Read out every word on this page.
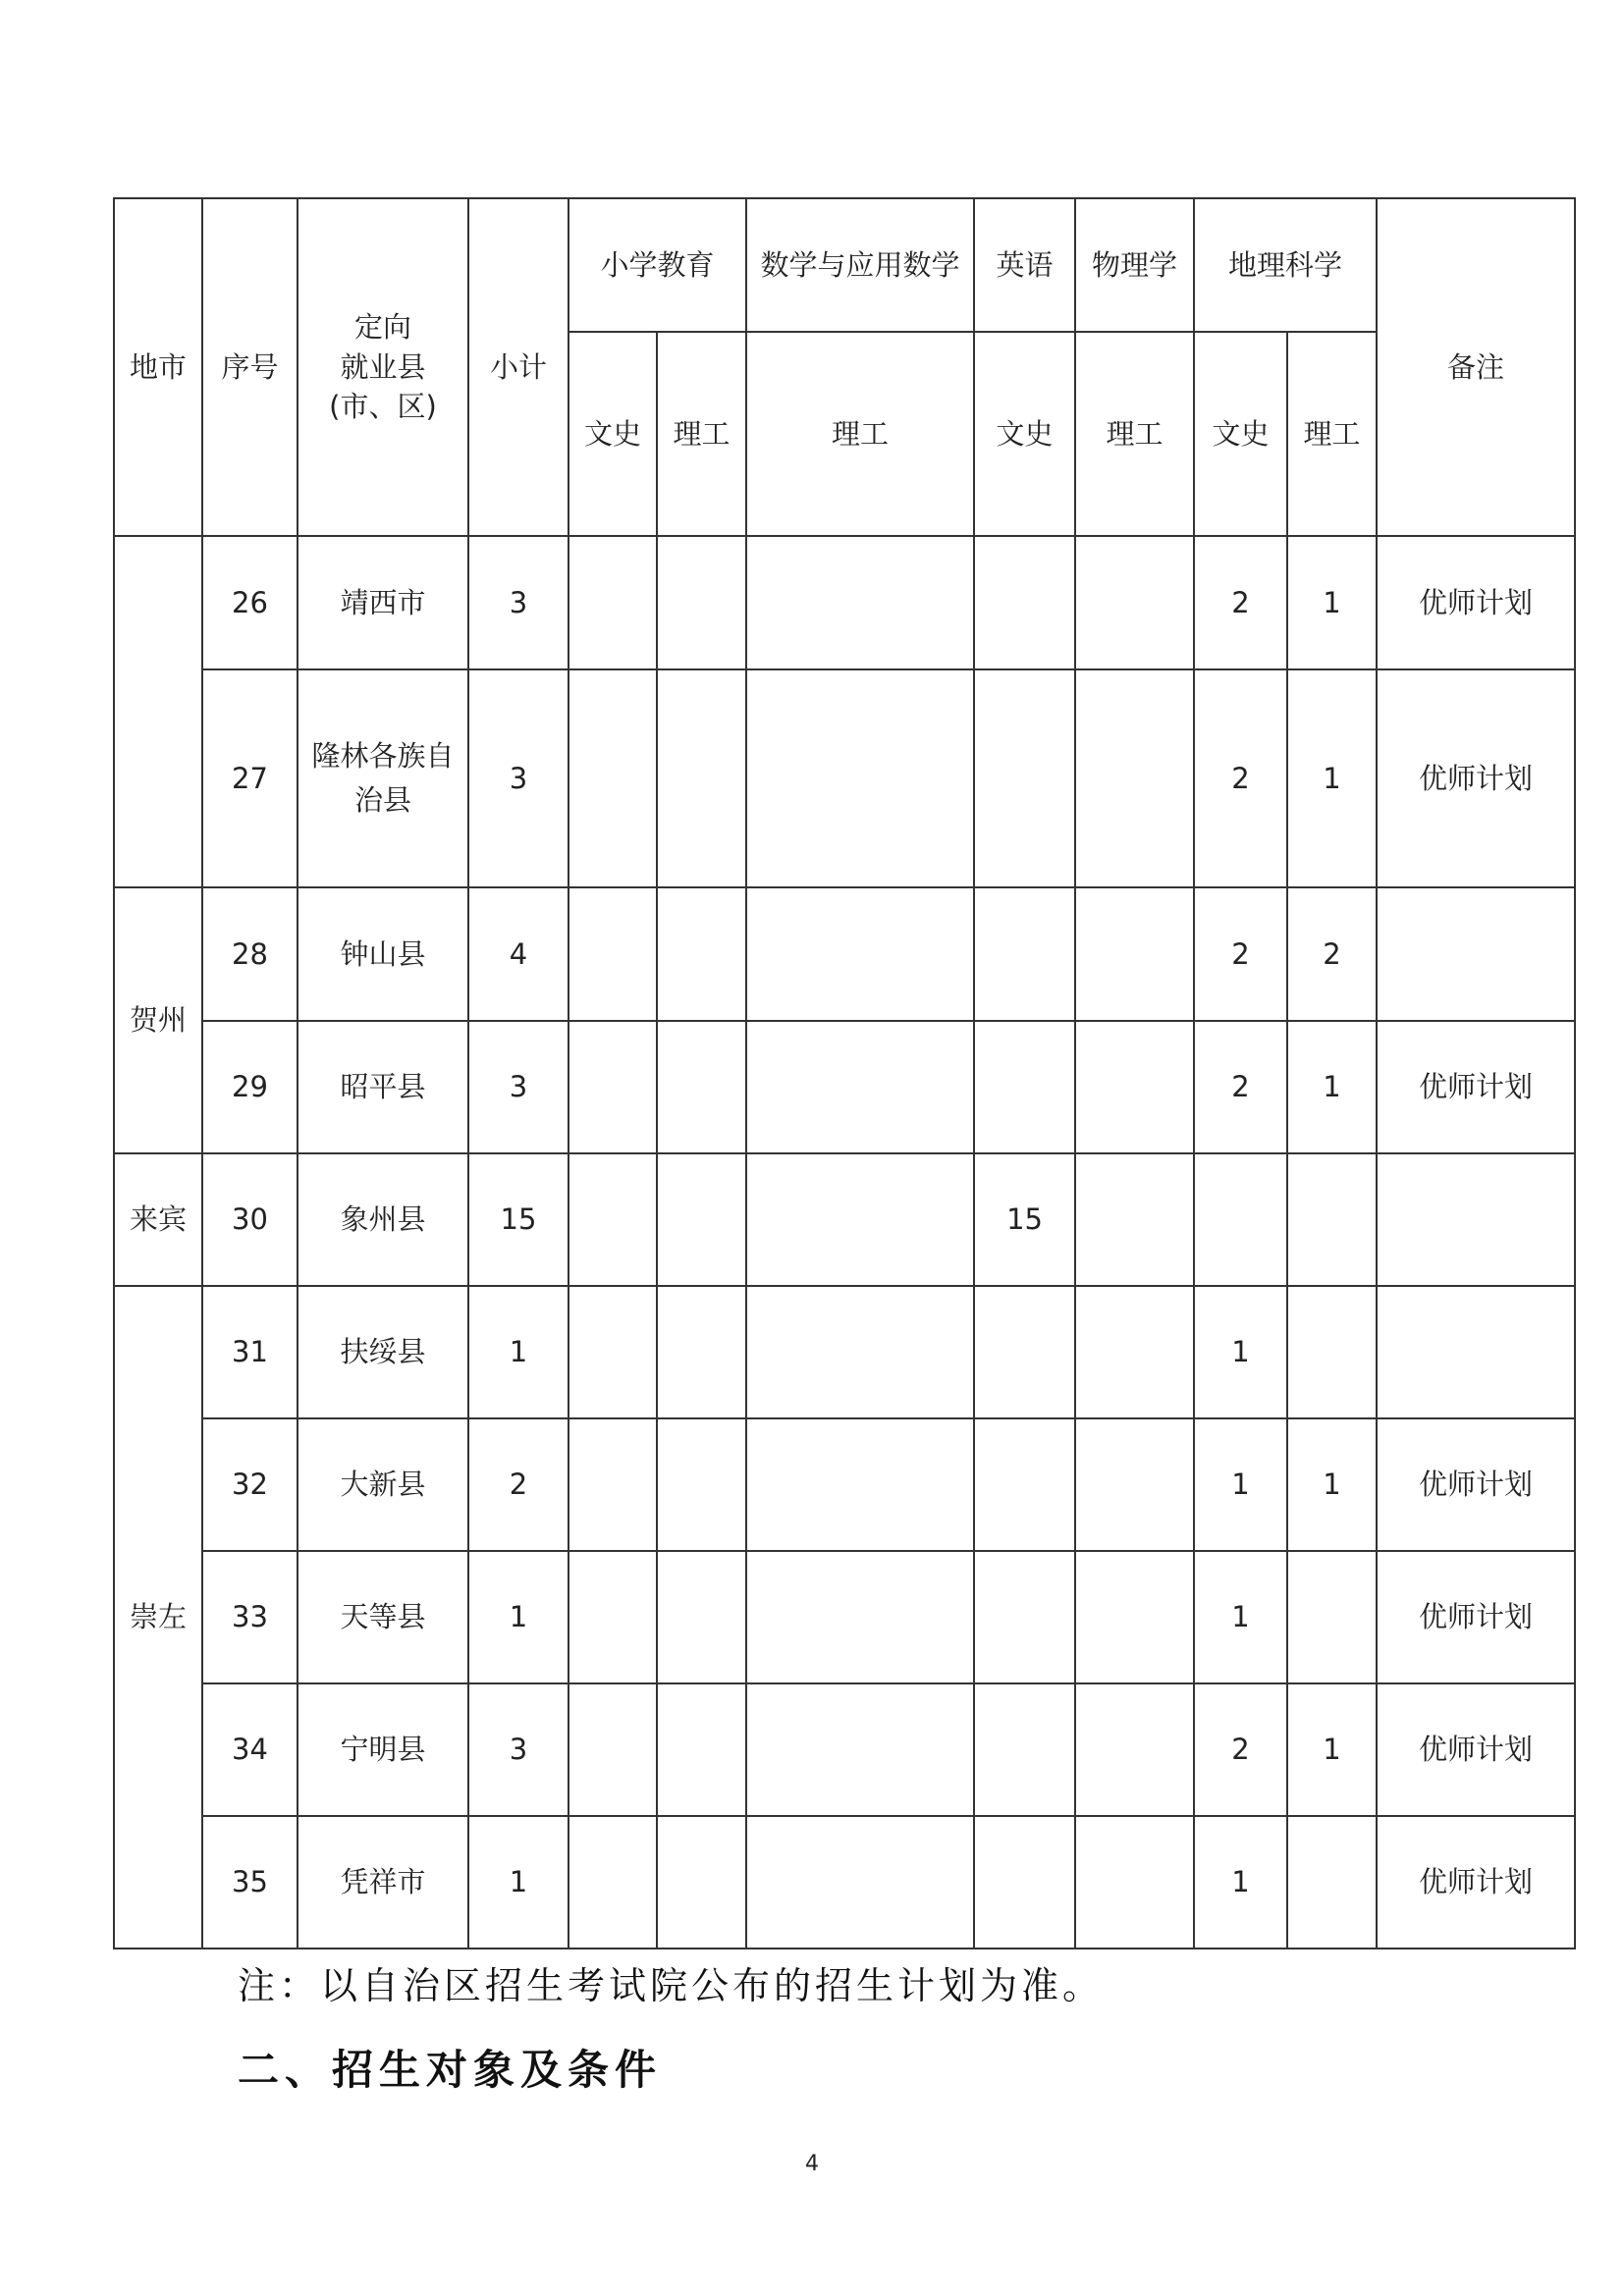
地市	序号	定向
就业县
(市、区)	小计	小学教育		数学与应用数学	英语	物理学	地理科学		备注
				文史	理工	理工	文史	理工	文史	理工	
	26	靖西市	3						2	1	优师计划
	27	隆林各族自治县	3						2	1	优师计划
贺州	28	钟山县	4						2	2	
	29	昭平县	3						2	1	优师计划
来宾	30	象州县	15				15				
崇左	31	扶绥县	1						1		
	32	大新县	2						1	1	优师计划
	33	天等县	1						1		优师计划
	34	宁明县	3						2	1	优师计划
	35	凭祥市	1						1		优师计划
注：以自治区招生考试院公布的招生计划为准。
二、招生对象及条件
4
